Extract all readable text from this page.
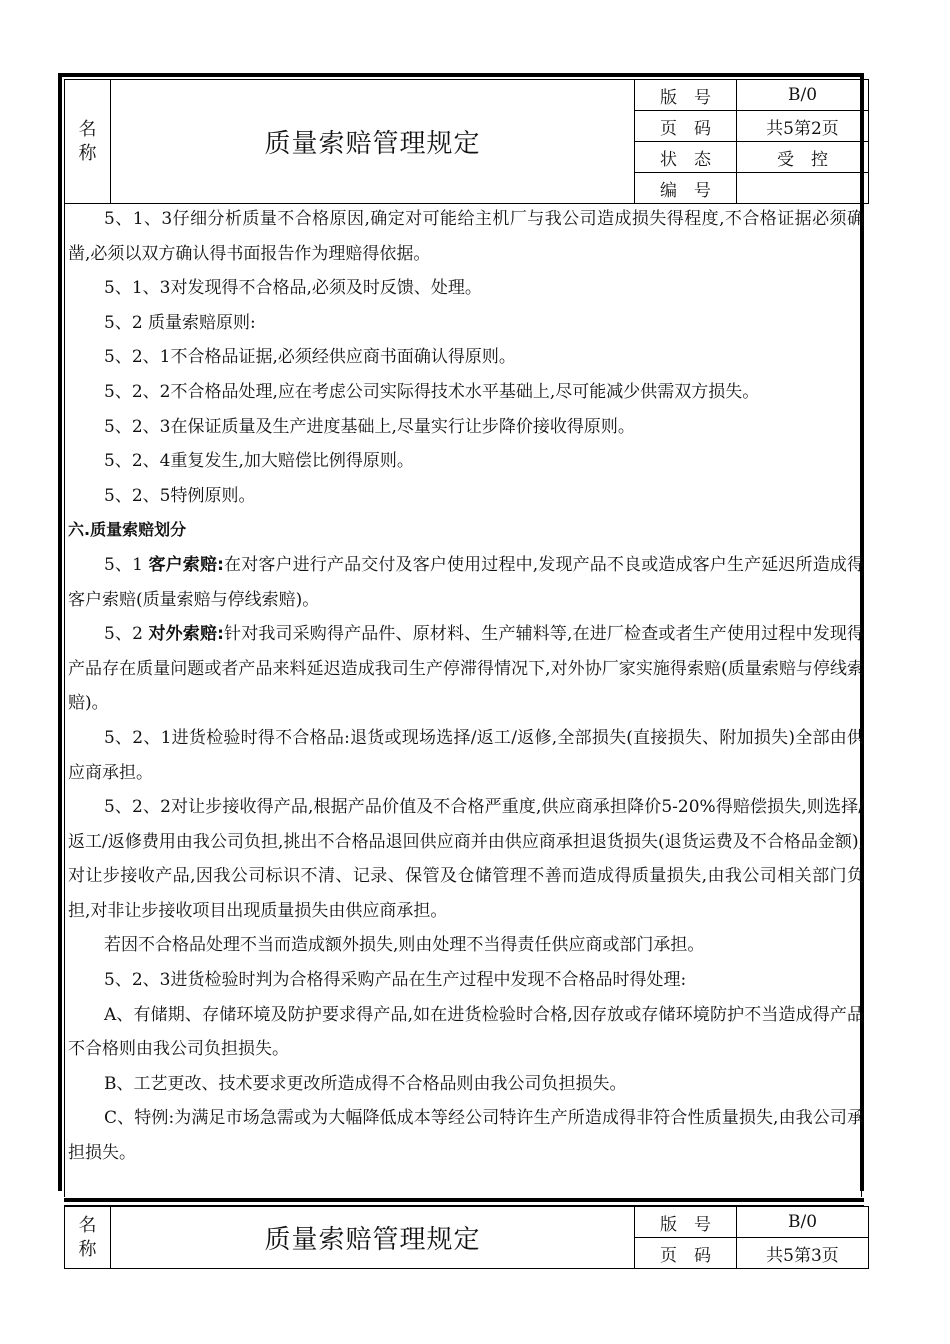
名 称	质量索赔管理规定	版　号	B/0
		页　码	共5第2页
		状　态	受　控
		编　号	

5、1、3仔细分析质量不合格原因,确定对可能给主机厂与我公司造成损失得程度,不合格证据必须确凿,必须以双方确认得书面报告作为理赔得依据。

5、1、3对发现得不合格品,必须及时反馈、处理。

5、2 质量索赔原则:

5、2、1不合格品证据,必须经供应商书面确认得原则。

5、2、2不合格品处理,应在考虑公司实际得技术水平基础上,尽可能减少供需双方损失。

5、2、3在保证质量及生产进度基础上,尽量实行让步降价接收得原则。

5、2、4重复发生,加大赔偿比例得原则。

5、2、5特例原则。

六.质量索赔划分

5、1 客户索赔:在对客户进行产品交付及客户使用过程中,发现产品不良或造成客户生产延迟所造成得客户索赔(质量索赔与停线索赔)。

5、2 对外索赔:针对我司采购得产品件、原材料、生产辅料等,在进厂检查或者生产使用过程中发现得产品存在质量问题或者产品来料延迟造成我司生产停滞得情况下,对外协厂家实施得索赔(质量索赔与停线索赔)。

5、2、1进货检验时得不合格品:退货或现场选择/返工/返修,全部损失(直接损失、附加损失)全部由供应商承担。

5、2、2对让步接收得产品,根据产品价值及不合格严重度,供应商承担降价5-20%得赔偿损失,则选择/返工/返修费用由我公司负担,挑出不合格品退回供应商并由供应商承担退货损失(退货运费及不合格品金额),对让步接收产品,因我公司标识不清、记录、保管及仓储管理不善而造成得质量损失,由我公司相关部门负担,对非让步接收项目出现质量损失由供应商承担。

若因不合格品处理不当而造成额外损失,则由处理不当得责任供应商或部门承担。

5、2、3进货检验时判为合格得采购产品在生产过程中发现不合格品时得处理:

A、有储期、存储环境及防护要求得产品,如在进货检验时合格,因存放或存储环境防护不当造成得产品不合格则由我公司负担损失。

B、工艺更改、技术要求更改所造成得不合格品则由我公司负担损失。

C、特例:为满足市场急需或为大幅降低成本等经公司特许生产所造成得非符合性质量损失,由我公司承担损失。

名 称	质量索赔管理规定	版　号	B/0
		页　码	共5第3页
